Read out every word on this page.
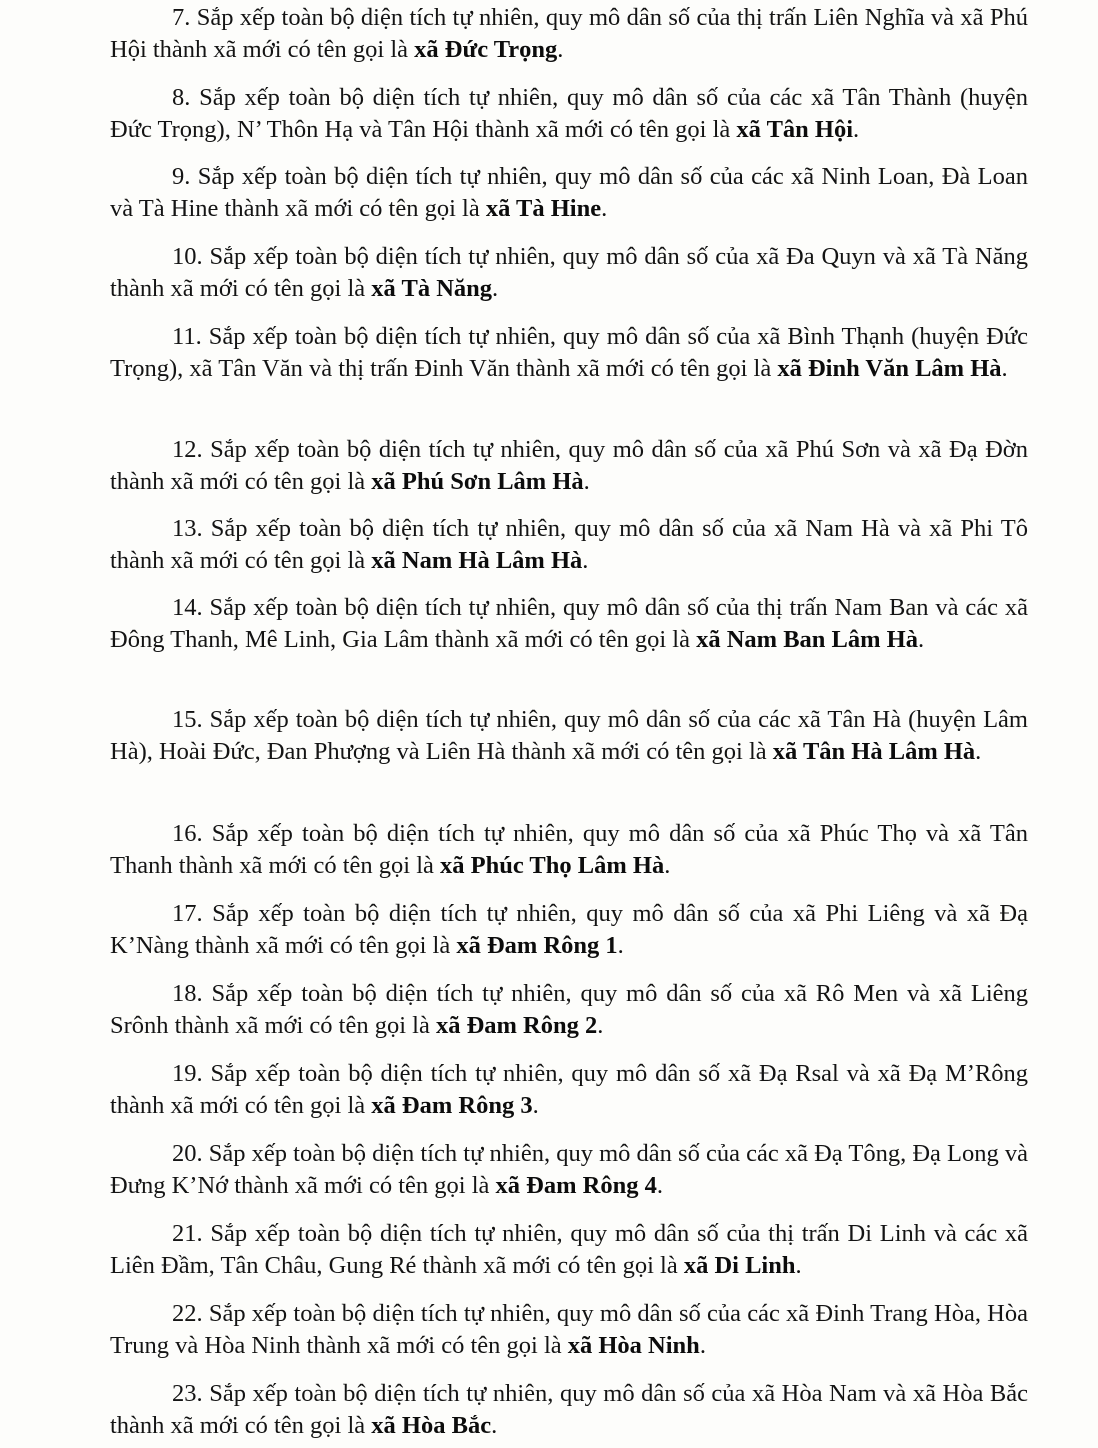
7. Sắp xếp toàn bộ diện tích tự nhiên, quy mô dân số của thị trấn Liên Nghĩa và xã Phú Hội thành xã mới có tên gọi là xã Đức Trọng.

8. Sắp xếp toàn bộ diện tích tự nhiên, quy mô dân số của các xã Tân Thành (huyện Đức Trọng), N’ Thôn Hạ và Tân Hội thành xã mới có tên gọi là xã Tân Hội.

9. Sắp xếp toàn bộ diện tích tự nhiên, quy mô dân số của các xã Ninh Loan, Đà Loan và Tà Hine thành xã mới có tên gọi là xã Tà Hine.

10. Sắp xếp toàn bộ diện tích tự nhiên, quy mô dân số của xã Đa Quyn và xã Tà Năng thành xã mới có tên gọi là xã Tà Năng.

11. Sắp xếp toàn bộ diện tích tự nhiên, quy mô dân số của xã Bình Thạnh (huyện Đức Trọng), xã Tân Văn và thị trấn Đinh Văn thành xã mới có tên gọi là xã Đinh Văn Lâm Hà.

12. Sắp xếp toàn bộ diện tích tự nhiên, quy mô dân số của xã Phú Sơn và xã Đạ Đờn thành xã mới có tên gọi là xã Phú Sơn Lâm Hà.

13. Sắp xếp toàn bộ diện tích tự nhiên, quy mô dân số của xã Nam Hà và xã Phi Tô thành xã mới có tên gọi là xã Nam Hà Lâm Hà.

14. Sắp xếp toàn bộ diện tích tự nhiên, quy mô dân số của thị trấn Nam Ban và các xã Đông Thanh, Mê Linh, Gia Lâm thành xã mới có tên gọi là xã Nam Ban Lâm Hà.

15. Sắp xếp toàn bộ diện tích tự nhiên, quy mô dân số của các xã Tân Hà (huyện Lâm Hà), Hoài Đức, Đan Phượng và Liên Hà thành xã mới có tên gọi là xã Tân Hà Lâm Hà.

16. Sắp xếp toàn bộ diện tích tự nhiên, quy mô dân số của xã Phúc Thọ và xã Tân Thanh thành xã mới có tên gọi là xã Phúc Thọ Lâm Hà.

17. Sắp xếp toàn bộ diện tích tự nhiên, quy mô dân số của xã Phi Liêng và xã Đạ K’Nàng thành xã mới có tên gọi là xã Đam Rông 1.

18. Sắp xếp toàn bộ diện tích tự nhiên, quy mô dân số của xã Rô Men và xã Liêng Srônh thành xã mới có tên gọi là xã Đam Rông 2.

19. Sắp xếp toàn bộ diện tích tự nhiên, quy mô dân số xã Đạ Rsal và xã Đạ M’Rông thành xã mới có tên gọi là xã Đam Rông 3.

20. Sắp xếp toàn bộ diện tích tự nhiên, quy mô dân số của các xã Đạ Tông, Đạ Long và Đưng K’Nớ thành xã mới có tên gọi là xã Đam Rông 4.

21. Sắp xếp toàn bộ diện tích tự nhiên, quy mô dân số của thị trấn Di Linh và các xã Liên Đầm, Tân Châu, Gung Ré thành xã mới có tên gọi là xã Di Linh.

22. Sắp xếp toàn bộ diện tích tự nhiên, quy mô dân số của các xã Đinh Trang Hòa, Hòa Trung và Hòa Ninh thành xã mới có tên gọi là xã Hòa Ninh.

23. Sắp xếp toàn bộ diện tích tự nhiên, quy mô dân số của xã Hòa Nam và xã Hòa Bắc thành xã mới có tên gọi là xã Hòa Bắc.
